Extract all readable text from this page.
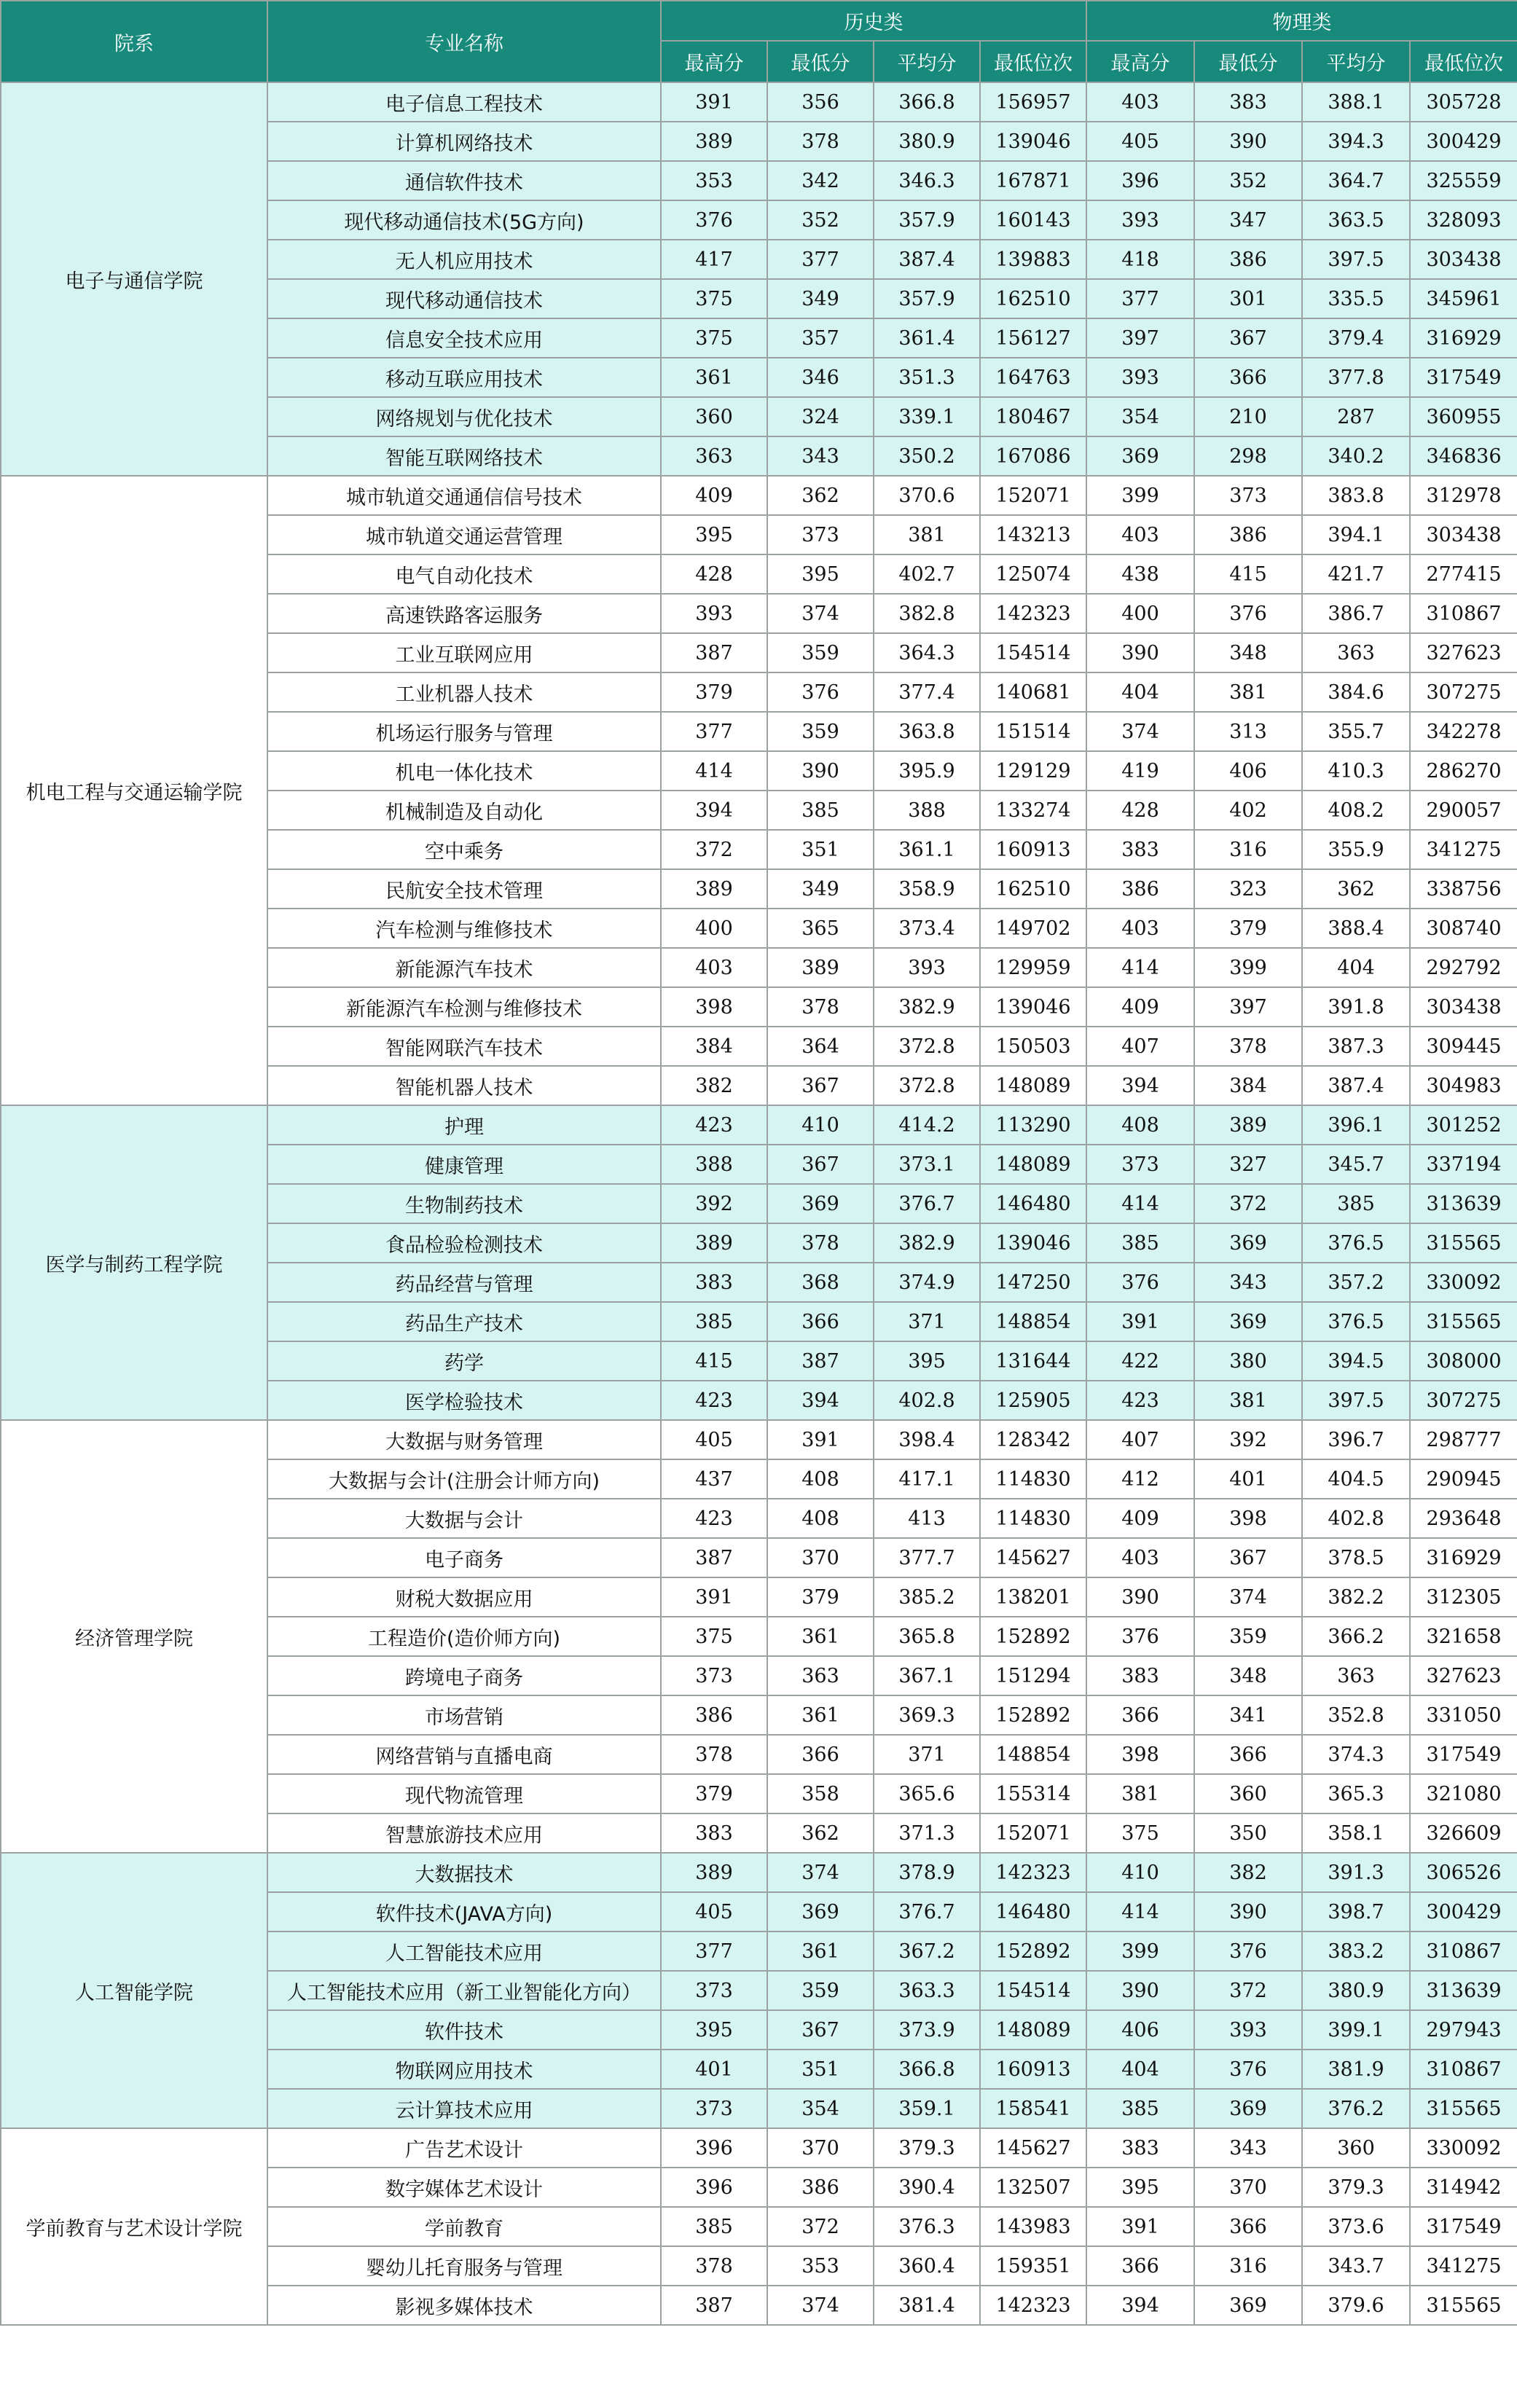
院系	专业名称	历史类				物理类			
		最高分	最低分	平均分	最低位次	最高分	最低分	平均分	最低位次
电子与通信学院	电子信息工程技术	391	356	366.8	156957	403	383	388.1	305728
	计算机网络技术	389	378	380.9	139046	405	390	394.3	300429
	通信软件技术	353	342	346.3	167871	396	352	364.7	325559
	现代移动通信技术(5G方向)	376	352	357.9	160143	393	347	363.5	328093
	无人机应用技术	417	377	387.4	139883	418	386	397.5	303438
	现代移动通信技术	375	349	357.9	162510	377	301	335.5	345961
	信息安全技术应用	375	357	361.4	156127	397	367	379.4	316929
	移动互联应用技术	361	346	351.3	164763	393	366	377.8	317549
	网络规划与优化技术	360	324	339.1	180467	354	210	287	360955
	智能互联网络技术	363	343	350.2	167086	369	298	340.2	346836
机电工程与交通运输学院	城市轨道交通通信信号技术	409	362	370.6	152071	399	373	383.8	312978
	城市轨道交通运营管理	395	373	381	143213	403	386	394.1	303438
	电气自动化技术	428	395	402.7	125074	438	415	421.7	277415
	高速铁路客运服务	393	374	382.8	142323	400	376	386.7	310867
	工业互联网应用	387	359	364.3	154514	390	348	363	327623
	工业机器人技术	379	376	377.4	140681	404	381	384.6	307275
	机场运行服务与管理	377	359	363.8	151514	374	313	355.7	342278
	机电一体化技术	414	390	395.9	129129	419	406	410.3	286270
	机械制造及自动化	394	385	388	133274	428	402	408.2	290057
	空中乘务	372	351	361.1	160913	383	316	355.9	341275
	民航安全技术管理	389	349	358.9	162510	386	323	362	338756
	汽车检测与维修技术	400	365	373.4	149702	403	379	388.4	308740
	新能源汽车技术	403	389	393	129959	414	399	404	292792
	新能源汽车检测与维修技术	398	378	382.9	139046	409	397	391.8	303438
	智能网联汽车技术	384	364	372.8	150503	407	378	387.3	309445
	智能机器人技术	382	367	372.8	148089	394	384	387.4	304983
医学与制药工程学院	护理	423	410	414.2	113290	408	389	396.1	301252
	健康管理	388	367	373.1	148089	373	327	345.7	337194
	生物制药技术	392	369	376.7	146480	414	372	385	313639
	食品检验检测技术	389	378	382.9	139046	385	369	376.5	315565
	药品经营与管理	383	368	374.9	147250	376	343	357.2	330092
	药品生产技术	385	366	371	148854	391	369	376.5	315565
	药学	415	387	395	131644	422	380	394.5	308000
	医学检验技术	423	394	402.8	125905	423	381	397.5	307275
经济管理学院	大数据与财务管理	405	391	398.4	128342	407	392	396.7	298777
	大数据与会计(注册会计师方向)	437	408	417.1	114830	412	401	404.5	290945
	大数据与会计	423	408	413	114830	409	398	402.8	293648
	电子商务	387	370	377.7	145627	403	367	378.5	316929
	财税大数据应用	391	379	385.2	138201	390	374	382.2	312305
	工程造价(造价师方向)	375	361	365.8	152892	376	359	366.2	321658
	跨境电子商务	373	363	367.1	151294	383	348	363	327623
	市场营销	386	361	369.3	152892	366	341	352.8	331050
	网络营销与直播电商	378	366	371	148854	398	366	374.3	317549
	现代物流管理	379	358	365.6	155314	381	360	365.3	321080
	智慧旅游技术应用	383	362	371.3	152071	375	350	358.1	326609
人工智能学院	大数据技术	389	374	378.9	142323	410	382	391.3	306526
	软件技术(JAVA方向)	405	369	376.7	146480	414	390	398.7	300429
	人工智能技术应用	377	361	367.2	152892	399	376	383.2	310867
	人工智能技术应用（新工业智能化方向）	373	359	363.3	154514	390	372	380.9	313639
	软件技术	395	367	373.9	148089	406	393	399.1	297943
	物联网应用技术	401	351	366.8	160913	404	376	381.9	310867
	云计算技术应用	373	354	359.1	158541	385	369	376.2	315565
学前教育与艺术设计学院	广告艺术设计	396	370	379.3	145627	383	343	360	330092
	数字媒体艺术设计	396	386	390.4	132507	395	370	379.3	314942
	学前教育	385	372	376.3	143983	391	366	373.6	317549
	婴幼儿托育服务与管理	378	353	360.4	159351	366	316	343.7	341275
	影视多媒体技术	387	374	381.4	142323	394	369	379.6	315565
